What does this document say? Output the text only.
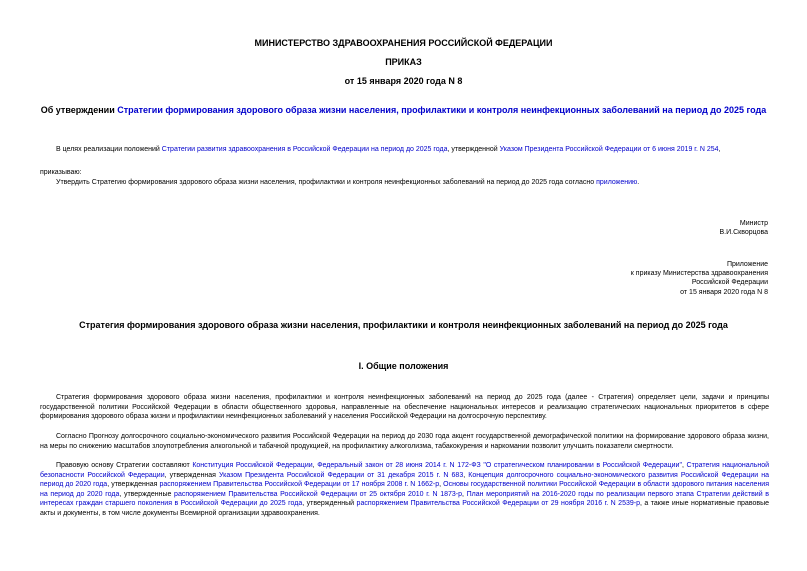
МИНИСТЕРСТВО ЗДРАВООХРАНЕНИЯ РОССИЙСКОЙ ФЕДЕРАЦИИ
ПРИКАЗ
от 15 января 2020 года N 8
Об утверждении Стратегии формирования здорового образа жизни населения, профилактики и контроля неинфекционных заболеваний на период до 2025 года
В целях реализации положений Стратегии развития здравоохранения в Российской Федерации на период до 2025 года, утвержденной Указом Президента Российской Федерации от 6 июня 2019 г. N 254,
приказываю:
Утвердить Стратегию формирования здорового образа жизни населения, профилактики и контроля неинфекционных заболеваний на период до 2025 года согласно приложению.
Министр
В.И.Скворцова
Приложение
к приказу Министерства здравоохранения
Российской Федерации
от 15 января 2020 года N 8
Стратегия формирования здорового образа жизни населения, профилактики и контроля неинфекционных заболеваний на период до 2025 года
I. Общие положения
Стратегия формирования здорового образа жизни населения, профилактики и контроля неинфекционных заболеваний на период до 2025 года (далее - Стратегия) определяет цели, задачи и принципы государственной политики Российской Федерации в области общественного здоровья, направленные на обеспечение национальных интересов и реализацию стратегических национальных приоритетов в сфере формирования здорового образа жизни и профилактики неинфекционных заболеваний у населения Российской Федерации на долгосрочную перспективу.
Согласно Прогнозу долгосрочного социально-экономического развития Российской Федерации на период до 2030 года акцент государственной демографической политики на формирование здорового образа жизни, на меры по снижению масштабов злоупотребления алкогольной и табачной продукцией, на профилактику алкоголизма, табакокурения и наркомании позволит улучшить показатели смертности.
Правовую основу Стратегии составляют Конституция Российской Федерации, Федеральный закон от 28 июня 2014 г. N 172-ФЗ "О стратегическом планировании в Российской Федерации", Стратегия национальной безопасности Российской Федерации, утвержденная Указом Президента Российской Федерации от 31 декабря 2015 г. N 683, Концепция долгосрочного социально-экономического развития Российской Федерации на период до 2020 года, утвержденная распоряжением Правительства Российской Федерации от 17 ноября 2008 г. N 1662-р, Основы государственной политики Российской Федерации в области здорового питания населения на период до 2020 года, утвержденные распоряжением Правительства Российской Федерации от 25 октября 2010 г. N 1873-р, План мероприятий на 2016-2020 годы по реализации первого этапа Стратегии действий в интересах граждан старшего поколения в Российской Федерации до 2025 года, утвержденный распоряжением Правительства Российской Федерации от 29 ноября 2016 г. N 2539-р, а также иные нормативные правовые акты и документы, в том числе документы Всемирной организации здравоохранения.
